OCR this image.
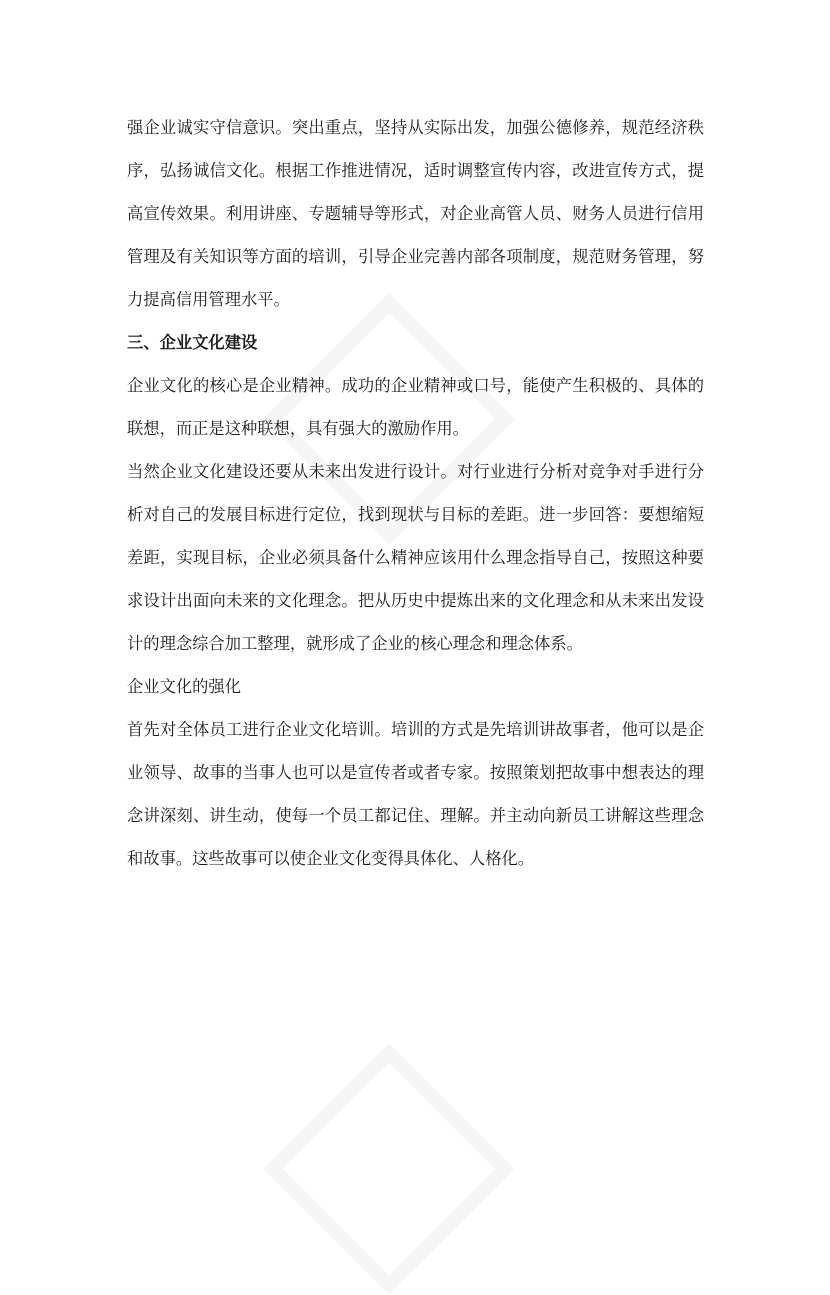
强企业诚实守信意识。突出重点，坚持从实际出发，加强公德修养，规范经济秩
序，弘扬诚信文化。根据工作推进情况，适时调整宣传内容，改进宣传方式，提
高宣传效果。利用讲座、专题辅导等形式，对企业高管人员、财务人员进行信用
管理及有关知识等方面的培训，引导企业完善内部各项制度，规范财务管理，努
力提高信用管理水平。
三、企业文化建设
企业文化的核心是企业精神。成功的企业精神或口号，能使产生积极的、具体的
联想，而正是这种联想，具有强大的激励作用。
当然企业文化建设还要从未来出发进行设计。对行业进行分析对竞争对手进行分
析对自己的发展目标进行定位，找到现状与目标的差距。进一步回答：要想缩短
差距，实现目标，企业必须具备什么精神应该用什么理念指导自己，按照这种要
求设计出面向未来的文化理念。把从历史中提炼出来的文化理念和从未来出发设
计的理念综合加工整理，就形成了企业的核心理念和理念体系。
企业文化的强化
首先对全体员工进行企业文化培训。培训的方式是先培训讲故事者，他可以是企
业领导、故事的当事人也可以是宣传者或者专家。按照策划把故事中想表达的理
念讲深刻、讲生动，使每一个员工都记住、理解。并主动向新员工讲解这些理念
和故事。这些故事可以使企业文化变得具体化、人格化。
